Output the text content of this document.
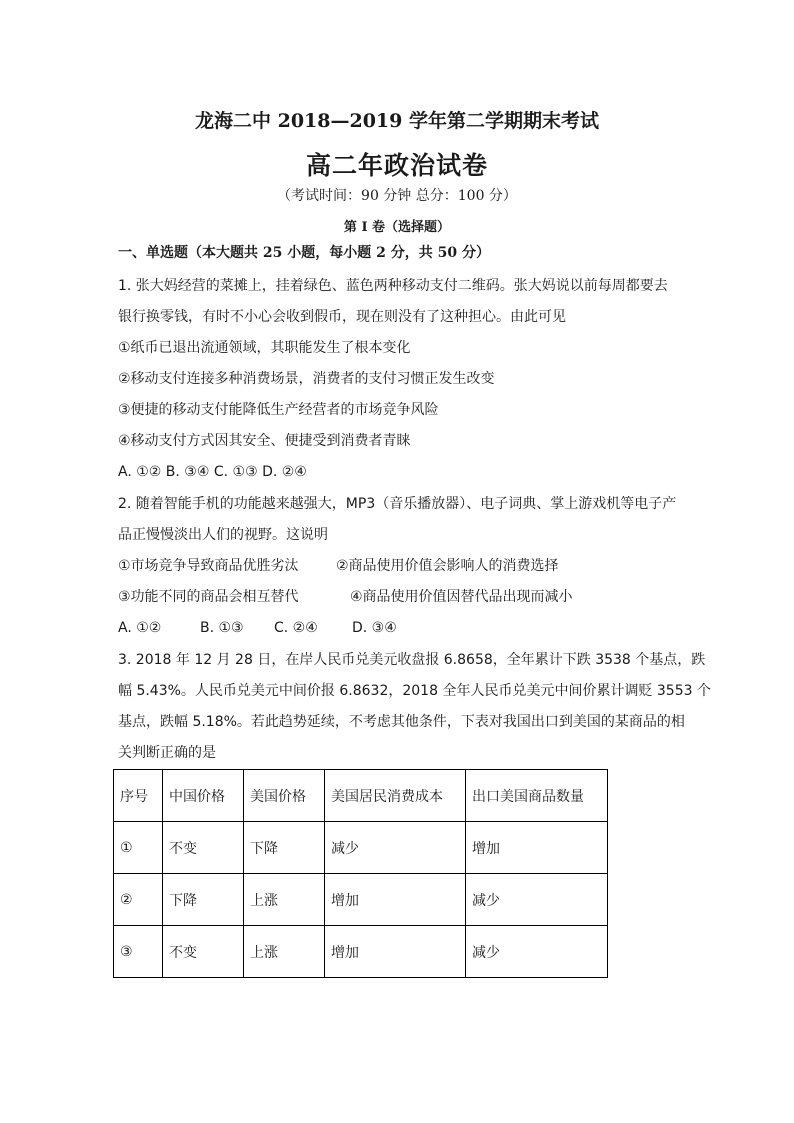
龙海二中 2018—2019 学年第二学期期末考试
高二年政治试卷
（考试时间：90 分钟 总分：100 分）
第 I 卷（选择题）
一、单选题（本大题共 25 小题，每小题 2 分，共 50 分）
1. 张大妈经营的菜摊上，挂着绿色、蓝色两种移动支付二维码。张大妈说以前每周都要去
银行换零钱，有时不小心会收到假币，现在则没有了这种担心。由此可见
①纸币已退出流通领域，其职能发生了根本变化
②移动支付连接多种消费场景，消费者的支付习惯正发生改变
③便捷的移动支付能降低生产经营者的市场竞争风险
④移动支付方式因其安全、便捷受到消费者青睐
A. ①② B. ③④ C. ①③ D. ②④
2. 随着智能手机的功能越来越强大，MP3（音乐播放器）、电子词典、掌上游戏机等电子产
品正慢慢淡出人们的视野。这说明
①市场竞争导致商品优胜劣汰	②商品使用价值会影响人的消费选择
③功能不同的商品会相互替代	④商品使用价值因替代品出现而减小
A. ①②	B. ①③ C. ②④ D. ③④
3. 2018 年 12 月 28 日，在岸人民币兑美元收盘报 6.8658，全年累计下跌 3538 个基点，跌
幅 5.43%。人民币兑美元中间价报 6.8632，2018 全年人民币兑美元中间价累计调贬 3553 个
基点，跌幅 5.18%。若此趋势延续，不考虑其他条件，下表对我国出口到美国的某商品的相
关判断正确的是
序号	中国价格	美国价格	美国居民消费成本	出口美国商品数量
①	不变	下降	减少	增加
②	下降	上涨	增加	减少
③	不变	上涨	增加	减少
